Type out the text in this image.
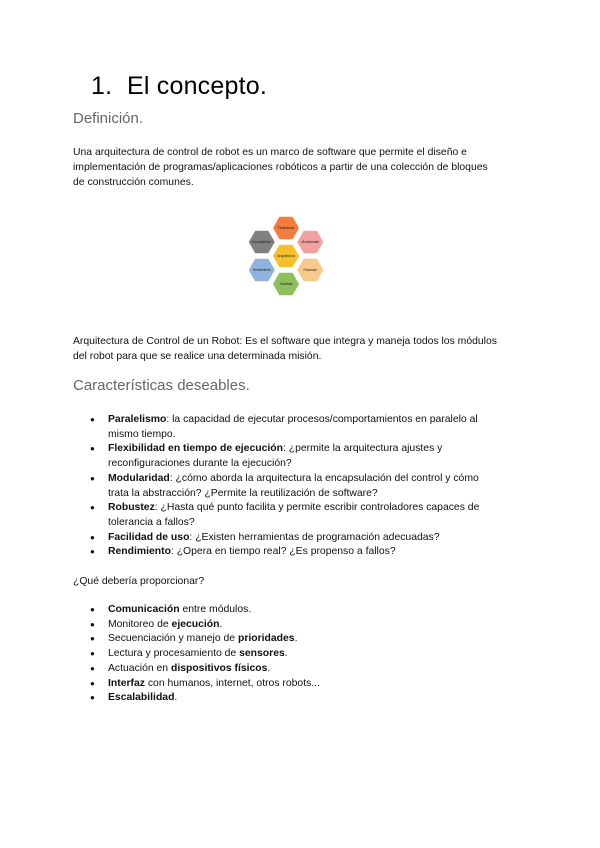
1. El concepto.
Definición.

Una arquitectura de control de robot es un marco de software que permite el diseño e

implementación de programas/aplicaciones robóticos a partir de una colección de bloques

de construcción comunes.

Paralelismo
Modularidad
Robustez
Facilidad
Rendimiento
Escalabilidad
Arquitectura

Arquitectura de Control de un Robot: Es el software que integra y maneja todos los módulos

del robot para que se realice una determinada misión.

Características deseables.
● Paralelismo: la capacidad de ejecutar procesos/comportamientos en paralelo al
mismo tiempo.
● Flexibilidad en tiempo de ejecución: ¿permite la arquitectura ajustes y
reconfiguraciones durante la ejecución?
● Modularidad: ¿cómo aborda la arquitectura la encapsulación del control y cómo
trata la abstracción? ¿Permite la reutilización de software?
● Robustez: ¿Hasta qué punto facilita y permite escribir controladores capaces de
tolerancia a fallos?
● Facilidad de uso: ¿Existen herramientas de programación adecuadas?
● Rendimiento: ¿Opera en tiempo real? ¿Es propenso a fallos?

¿Qué debería proporcionar?

● Comunicación entre módulos.
● Monitoreo de ejecución.
● Secuenciación y manejo de prioridades.
● Lectura y procesamiento de sensores.
● Actuación en dispositivos físicos.
● Interfaz con humanos, internet, otros robots...
● Escalabilidad.
